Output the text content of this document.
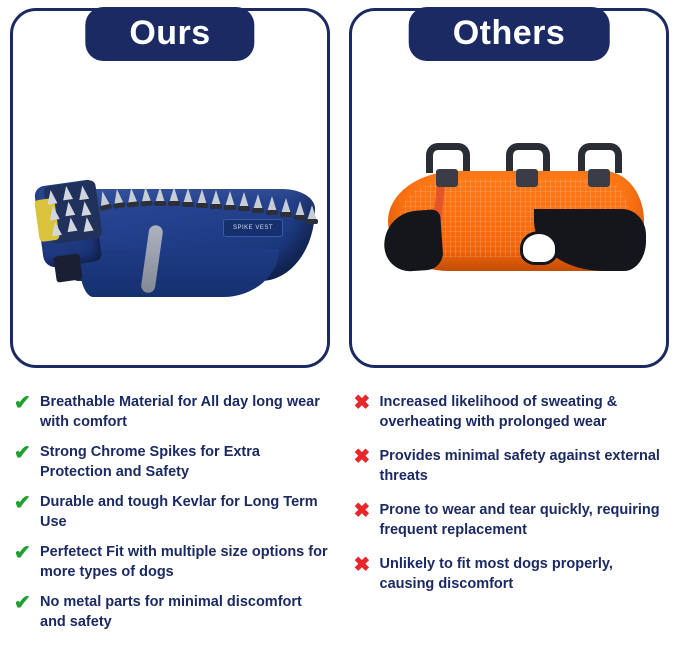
Ours
SPIKE VEST
Others
✔ Breathable Material for All day long wear with comfort
✔ Strong Chrome Spikes for Extra Protection and Safety
✔ Durable and tough Kevlar for Long Term Use
✔ Perfetect Fit with multiple size options for more types of dogs
✔ No metal parts for minimal discomfort and safety
✖ Increased likelihood of sweating & overheating with prolonged wear
✖ Provides minimal safety against external threats
✖ Prone to wear and tear quickly, requiring frequent replacement
✖ Unlikely to fit most dogs properly, causing discomfort
